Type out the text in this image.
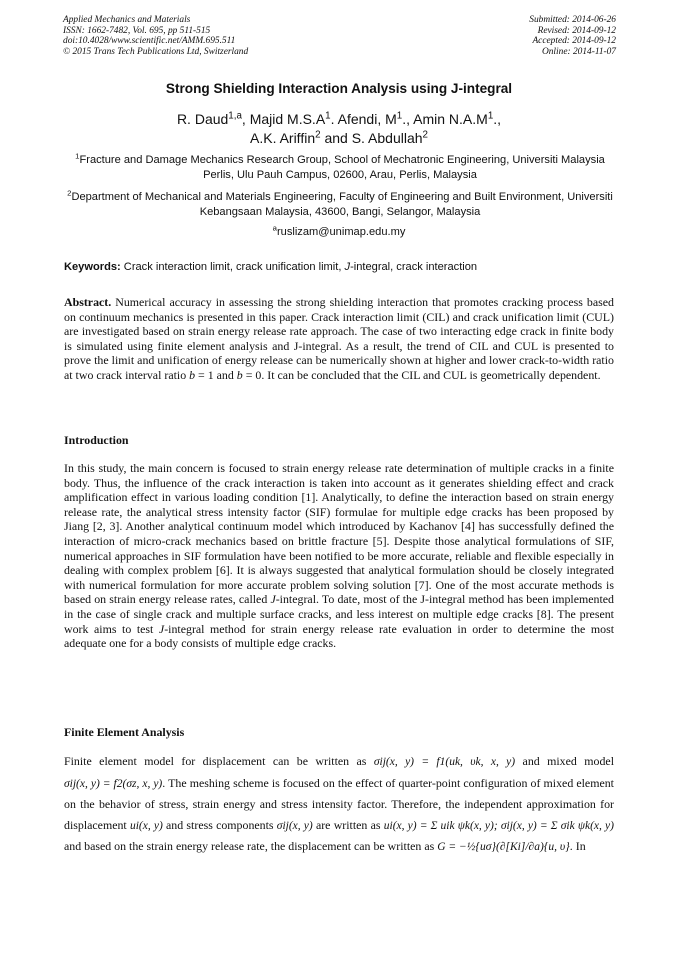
Applied Mechanics and Materials
ISSN: 1662-7482, Vol. 695, pp 511-515
doi:10.4028/www.scientific.net/AMM.695.511
© 2015 Trans Tech Publications Ltd, Switzerland
Submitted: 2014-06-26
Revised: 2014-09-12
Accepted: 2014-09-12
Online: 2014-11-07
Strong Shielding Interaction Analysis using J-integral
R. Daud$^{1,a}$, Majid $M.S.A^1$. Afendi, $M^1$., Amin $N.A.M^1$.,
A.K. Ariffin$^2$ and S. Abdullah$^2$
$^1$Fracture and Damage Mechanics Research Group, School of Mechatronic Engineering, Universiti Malaysia Perlis, Ulu Pauh Campus, 02600, Arau, Perlis, Malaysia
$^2$Department of Mechanical and Materials Engineering, Faculty of Engineering and Built Environment, Universiti Kebangsaan Malaysia, 43600, Bangi, Selangor, Malaysia
$^a$ruslizam@unimap.edu.my
Keywords: Crack interaction limit, crack unification limit, J-integral, crack interaction
Abstract. Numerical accuracy in assessing the strong shielding interaction that promotes cracking process based on continuum mechanics is presented in this paper. Crack interaction limit (CIL) and crack unification limit (CUL) are investigated based on strain energy release rate approach. The case of two interacting edge crack in finite body is simulated using finite element analysis and J-integral. As a result, the trend of CIL and CUL is presented to prove the limit and unification of energy release can be numerically shown at higher and lower crack-to-width ratio at two crack interval ratio b = 1 and b = 0. It can be concluded that the CIL and CUL is geometrically dependent.
Introduction
In this study, the main concern is focused to strain energy release rate determination of multiple cracks in a finite body. Thus, the influence of the crack interaction is taken into account as it generates shielding effect and crack amplification effect in various loading condition [1]. Analytically, to define the interaction based on strain energy release rate, the analytical stress intensity factor (SIF) formulae for multiple edge cracks has been proposed by Jiang [2, 3]. Another analytical continuum model which introduced by Kachanov [4] has successfully defined the interaction of micro-crack mechanics based on brittle fracture [5]. Despite those analytical formulations of SIF, numerical approaches in SIF formulation have been notified to be more accurate, reliable and flexible especially in dealing with complex problem [6]. It is always suggested that analytical formulation should be closely integrated with numerical formulation for more accurate problem solving solution [7]. One of the most accurate methods is based on strain energy release rates, called J-integral. To date, most of the J-integral method has been implemented in the case of single crack and multiple surface cracks, and less interest on multiple edge cracks [8]. The present work aims to test J-integral method for strain energy release rate evaluation in order to determine the most adequate one for a body consists of multiple edge cracks.
Finite Element Analysis
Finite element model for displacement can be written as σij(x, y) = f1(uk, υk, x, y) and mixed model σij(x, y) = f2(σz, x, y). The meshing scheme is focused on the effect of quarter-point configuration of mixed element on the behavior of stress, strain energy and stress intensity factor. Therefore, the independent approximation for displacement ui(x, y) and stress components σij(x, y) are written as ui(x, y) = Σ uik ψk(x, y); σij(x, y) = Σ σik ψk(x, y) and based on the strain energy release rate, the displacement can be written as G = −½{uσ}(∂[Ki]/∂a){u, υ}. In
